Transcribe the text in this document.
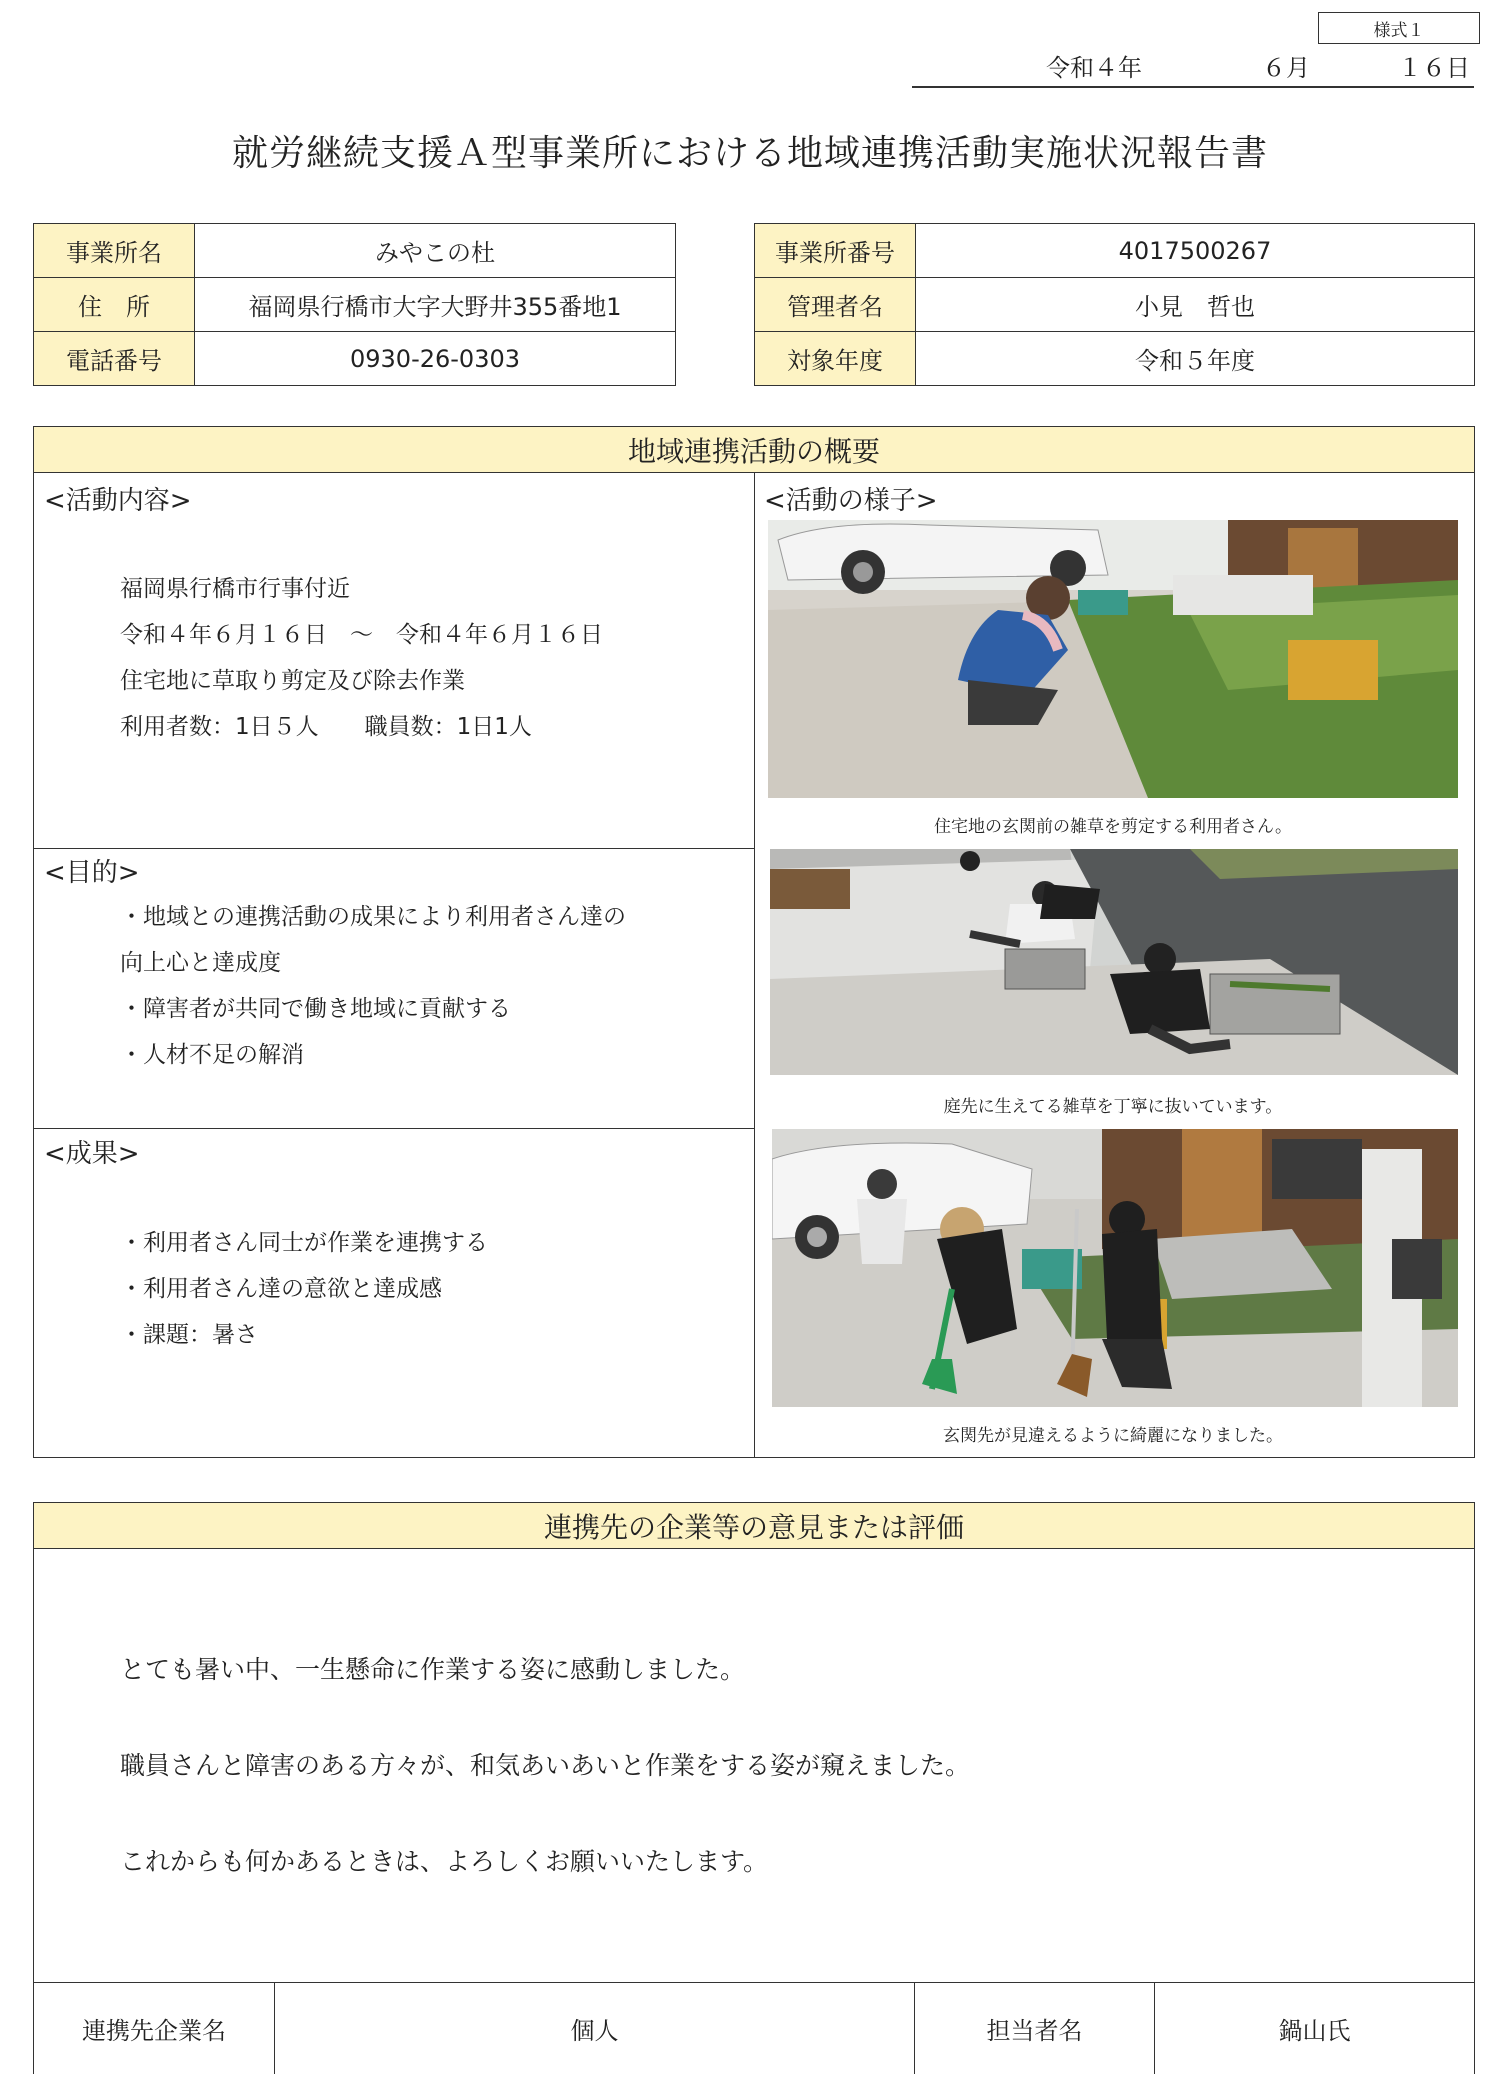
様式１
令和４年	６月	１６日
就労継続支援Ａ型事業所における地域連携活動実施状況報告書
事業所名	みやこの杜
住　所	福岡県行橋市大字大野井355番地1
電話番号	0930-26-0303
事業所番号	4017500267
管理者名	小見　哲也
対象年度	令和５年度
地域連携活動の概要
<活動内容>
福岡県行橋市行事付近
令和４年６月１６日　～　令和４年６月１６日
住宅地に草取り剪定及び除去作業
利用者数：1日５人　　職員数：1日1人
<目的>
・地域との連携活動の成果により利用者さん達の
向上心と達成度
・障害者が共同で働き地域に貢献する
・人材不足の解消
<成果>
・利用者さん同士が作業を連携する
・利用者さん達の意欲と達成感
・課題：暑さ
<活動の様子>
住宅地の玄関前の雑草を剪定する利用者さん。
庭先に生えてる雑草を丁寧に抜いています。
玄関先が見違えるように綺麗になりました。
連携先の企業等の意見または評価
とても暑い中、一生懸命に作業する姿に感動しました。
職員さんと障害のある方々が、和気あいあいと作業をする姿が窺えました。
これからも何かあるときは、よろしくお願いいたします。
連携先企業名	個人	担当者名	鍋山氏
